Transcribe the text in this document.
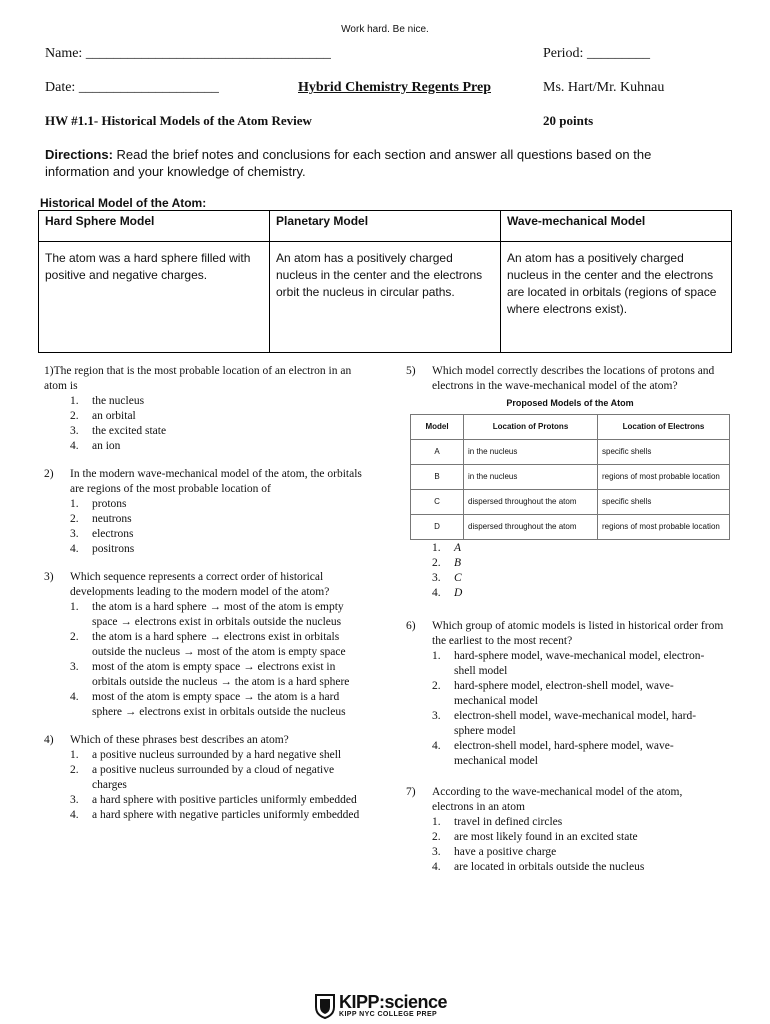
Work hard. Be nice.
Name: ___________________________________	Period: _________
Date: ____________________	Hybrid Chemistry Regents Prep	Ms. Hart/Mr. Kuhnau
HW #1.1- Historical Models of the Atom Review	20 points
Directions: Read the brief notes and conclusions for each section and answer all questions based on the information and your knowledge of chemistry.
Historical Model of the Atom:
Hard Sphere Model	Planetary Model	Wave-mechanical Model
The atom was a hard sphere filled with positive and negative charges.	An atom has a positively charged nucleus in the center and the electrons orbit the nucleus in circular paths.	An atom has a positively charged nucleus in the center and the electrons are located in orbitals (regions of space where electrons exist).
1)The region that is the most probable location of an electron in an atom is
1. the nucleus
2. an orbital
3. the excited state
4. an ion
2) In the modern wave-mechanical model of the atom, the orbitals are regions of the most probable location of
1. protons
2. neutrons
3. electrons
4. positrons
3) Which sequence represents a correct order of historical developments leading to the modern model of the atom?
1. the atom is a hard sphere → most of the atom is empty space → electrons exist in orbitals outside the nucleus
2. the atom is a hard sphere → electrons exist in orbitals outside the nucleus → most of the atom is empty space
3. most of the atom is empty space → electrons exist in orbitals outside the nucleus → the atom is a hard sphere
4. most of the atom is empty space → the atom is a hard sphere → electrons exist in orbitals outside the nucleus
4) Which of these phrases best describes an atom?
1. a positive nucleus surrounded by a hard negative shell
2. a positive nucleus surrounded by a cloud of negative charges
3. a hard sphere with positive particles uniformly embedded
4. a hard sphere with negative particles uniformly embedded
5) Which model correctly describes the locations of protons and electrons in the wave-mechanical model of the atom?
Proposed Models of the Atom
Model	Location of Protons	Location of Electrons
A	in the nucleus	specific shells
B	in the nucleus	regions of most probable location
C	dispersed throughout the atom	specific shells
D	dispersed throughout the atom	regions of most probable location
1. A
2. B
3. C
4. D
6) Which group of atomic models is listed in historical order from the earliest to the most recent?
1. hard-sphere model, wave-mechanical model, electron-shell model
2. hard-sphere model, electron-shell model, wave-mechanical model
3. electron-shell model, wave-mechanical model, hard-sphere model
4. electron-shell model, hard-sphere model, wave-mechanical model
7) According to the wave-mechanical model of the atom, electrons in an atom
1. travel in defined circles
2. are most likely found in an excited state
3. have a positive charge
4. are located in orbitals outside the nucleus
KIPP:science
KIPP NYC COLLEGE PREP
